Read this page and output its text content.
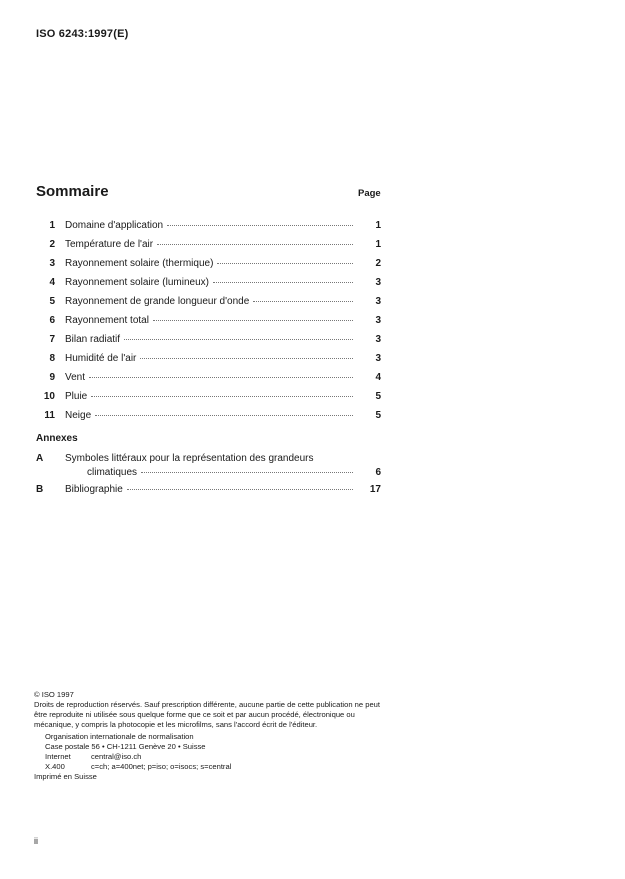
ISO 6243:1997(E)
Sommaire	Page
1	Domaine d'application	1
2	Température de l'air	1
3	Rayonnement solaire (thermique)	2
4	Rayonnement solaire (lumineux)	3
5	Rayonnement de grande longueur d'onde	3
6	Rayonnement total	3
7	Bilan radiatif	3
8	Humidité de l'air	3
9	Vent	4
10	Pluie	5
11	Neige	5
Annexes
A	Symboles littéraux pour la représentation des grandeurs
climatiques	6
B	Bibliographie	17
© ISO 1997
Droits de reproduction réservés. Sauf prescription différente, aucune partie de cette publication ne peut être reproduite ni utilisée sous quelque forme que ce soit et par aucun procédé, électronique ou mécanique, y compris la photocopie et les microfilms, sans l'accord écrit de l'éditeur.
Organisation internationale de normalisation
Case postale 56 • CH-1211 Genève 20 • Suisse
Internet	central@iso.ch
X.400	c=ch; a=400net; p=iso; o=isocs; s=central
Imprimé en Suisse
ii
